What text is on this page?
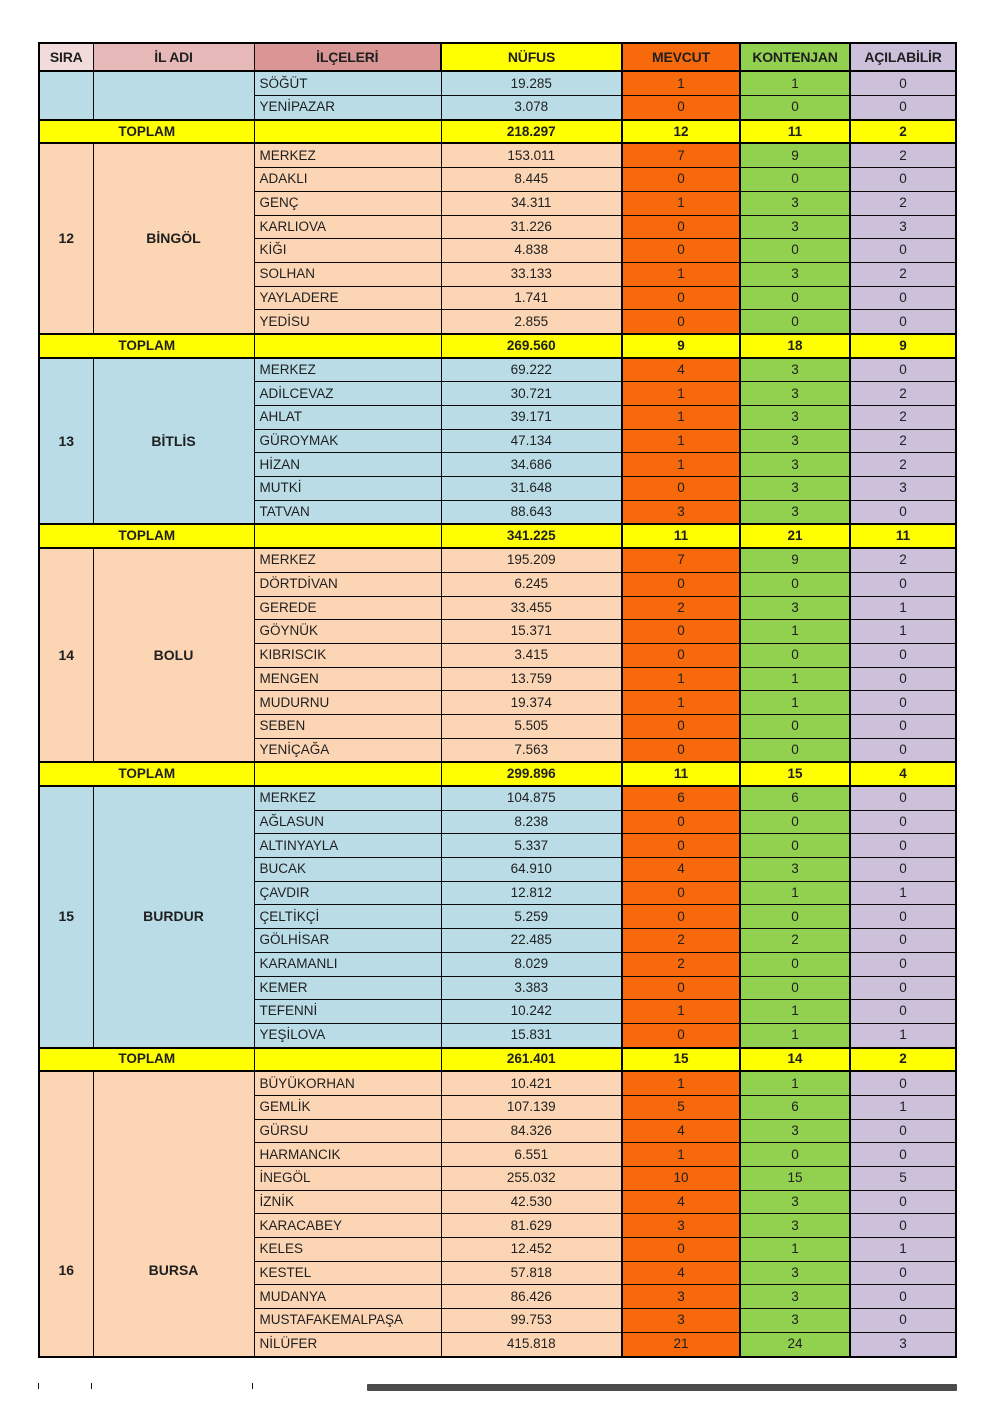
SIRA	İL ADI	İLÇELERİ	NÜFUS	MEVCUT	KONTENJAN	AÇILABİLİR
		SÖĞÜT	19.285	1	1	0
		YENİPAZAR	3.078	0	0	0
TOPLAM			218.297	12	11	2
12	BİNGÖL	MERKEZ	153.011	7	9	2
		ADAKLI	8.445	0	0	0
		GENÇ	34.311	1	3	2
		KARLIOVA	31.226	0	3	3
		KİĞI	4.838	0	0	0
		SOLHAN	33.133	1	3	2
		YAYLADERE	1.741	0	0	0
		YEDİSU	2.855	0	0	0
TOPLAM			269.560	9	18	9
13	BİTLİS	MERKEZ	69.222	4	3	0
		ADİLCEVAZ	30.721	1	3	2
		AHLAT	39.171	1	3	2
		GÜROYMAK	47.134	1	3	2
		HİZAN	34.686	1	3	2
		MUTKİ	31.648	0	3	3
		TATVAN	88.643	3	3	0
TOPLAM			341.225	11	21	11
14	BOLU	MERKEZ	195.209	7	9	2
		DÖRTDİVAN	6.245	0	0	0
		GEREDE	33.455	2	3	1
		GÖYNÜK	15.371	0	1	1
		KIBRISCIK	3.415	0	0	0
		MENGEN	13.759	1	1	0
		MUDURNU	19.374	1	1	0
		SEBEN	5.505	0	0	0
		YENİÇAĞA	7.563	0	0	0
TOPLAM			299.896	11	15	4
15	BURDUR	MERKEZ	104.875	6	6	0
		AĞLASUN	8.238	0	0	0
		ALTINYAYLA	5.337	0	0	0
		BUCAK	64.910	4	3	0
		ÇAVDIR	12.812	0	1	1
		ÇELTİKÇİ	5.259	0	0	0
		GÖLHİSAR	22.485	2	2	0
		KARAMANLI	8.029	2	0	0
		KEMER	3.383	0	0	0
		TEFENNİ	10.242	1	1	0
		YEŞİLOVA	15.831	0	1	1
TOPLAM			261.401	15	14	2
16	BURSA	BÜYÜKORHAN	10.421	1	1	0
		GEMLİK	107.139	5	6	1
		GÜRSU	84.326	4	3	0
		HARMANCIK	6.551	1	0	0
		İNEGÖL	255.032	10	15	5
		İZNİK	42.530	4	3	0
		KARACABEY	81.629	3	3	0
		KELES	12.452	0	1	1
		KESTEL	57.818	4	3	0
		MUDANYA	86.426	3	3	0
		MUSTAFAKEMALPAŞA	99.753	3	3	0
		NİLÜFER	415.818	21	24	3
